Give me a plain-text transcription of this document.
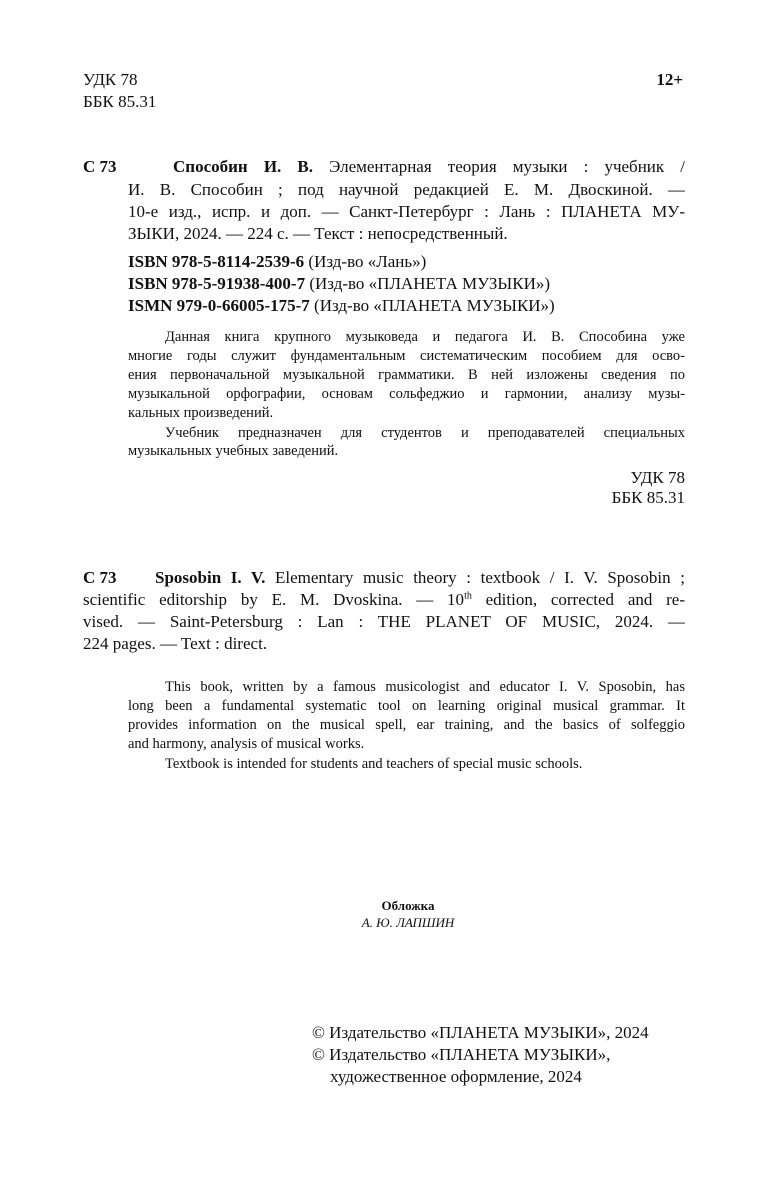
УДК 78
ББК 85.31
12+
С 73	Способин И. В. Элементарная теория музыки : учебник /
И. В. Способин ; под научной редакцией Е. М. Двоскиной. —
10-е изд., испр. и доп. — Санкт-Петербург : Лань : ПЛАНЕТА МУ-
ЗЫКИ, 2024. — 224 с. — Текст : непосредственный.
ISBN 978-5-8114-2539-6 (Изд-во «Лань»)
ISBN 978-5-91938-400-7 (Изд-во «ПЛАНЕТА МУЗЫКИ»)
ISMN 979-0-66005-175-7 (Изд-во «ПЛАНЕТА МУЗЫКИ»)
Данная книга крупного музыковеда и педагога И. В. Способина уже
многие годы служит фундаментальным систематическим пособием для осво-
ения первоначальной музыкальной грамматики. В ней изложены сведения по
музыкальной орфографии, основам сольфеджио и гармонии, анализу музы-
кальных произведений.
Учебник предназначен для студентов и преподавателей специальных
музыкальных учебных заведений.
УДК 78
ББК 85.31
С 73 Sposobin I. V. Elementary music theory : textbook / I. V. Sposobin ;
scientific editorship by E. M. Dvoskina. — 10th edition, corrected and re-
vised. — Saint-Petersburg : Lan : THE PLANET OF MUSIC, 2024. —
224 pages. — Text : direct.
This book, written by a famous musicologist and educator I. V. Sposobin, has
long been a fundamental systematic tool on learning original musical grammar. It
provides information on the musical spell, ear training, and the basics of solfeggio
and harmony, analysis of musical works.
Textbook is intended for students and teachers of special music schools.
Обложка
А. Ю. ЛАПШИН
© Издательство «ПЛАНЕТА МУЗЫКИ», 2024
© Издательство «ПЛАНЕТА МУЗЫКИ»,
художественное оформление, 2024
